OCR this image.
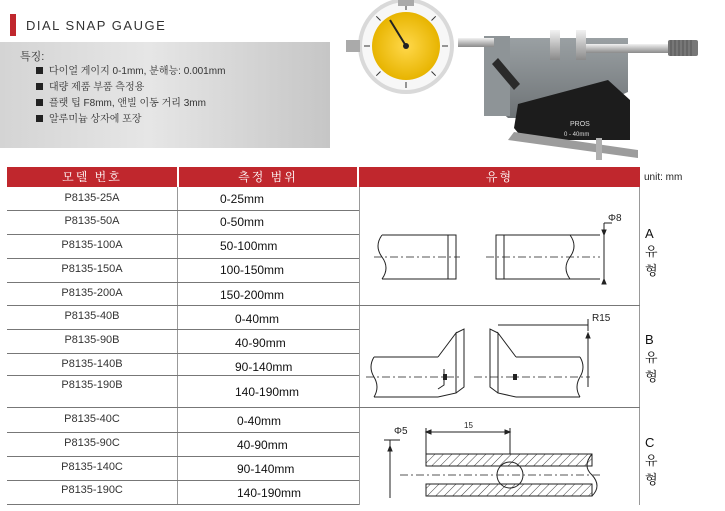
DIAL SNAP GAUGE
특징:
다이얼 게이지 0-1mm, 분해능: 0.001mm
대량 제품 부품 측정용
플랫 팁 F8mm, 앤빌 이동 거리 3mm
알루미늄 상자에 포장	PROS
0 - 40mm
unit: mm
모델 번호	측정 범위	유형
P8135-25A	0-25mm
P8135-50A	0-50mm
P8135-100A	50-100mm
P8135-150A	100-150mm
P8135-200A	150-200mm
P8135-40B	0-40mm
P8135-90B	40-90mm
P8135-140B	90-140mm
P8135-190B	140-190mm
P8135-40C	0-40mm
P8135-90C	40-90mm
P8135-140C	90-140mm
P8135-190C	140-190mm
Φ8
A 유형
R15
B 유형
Φ5
15
C 유형
